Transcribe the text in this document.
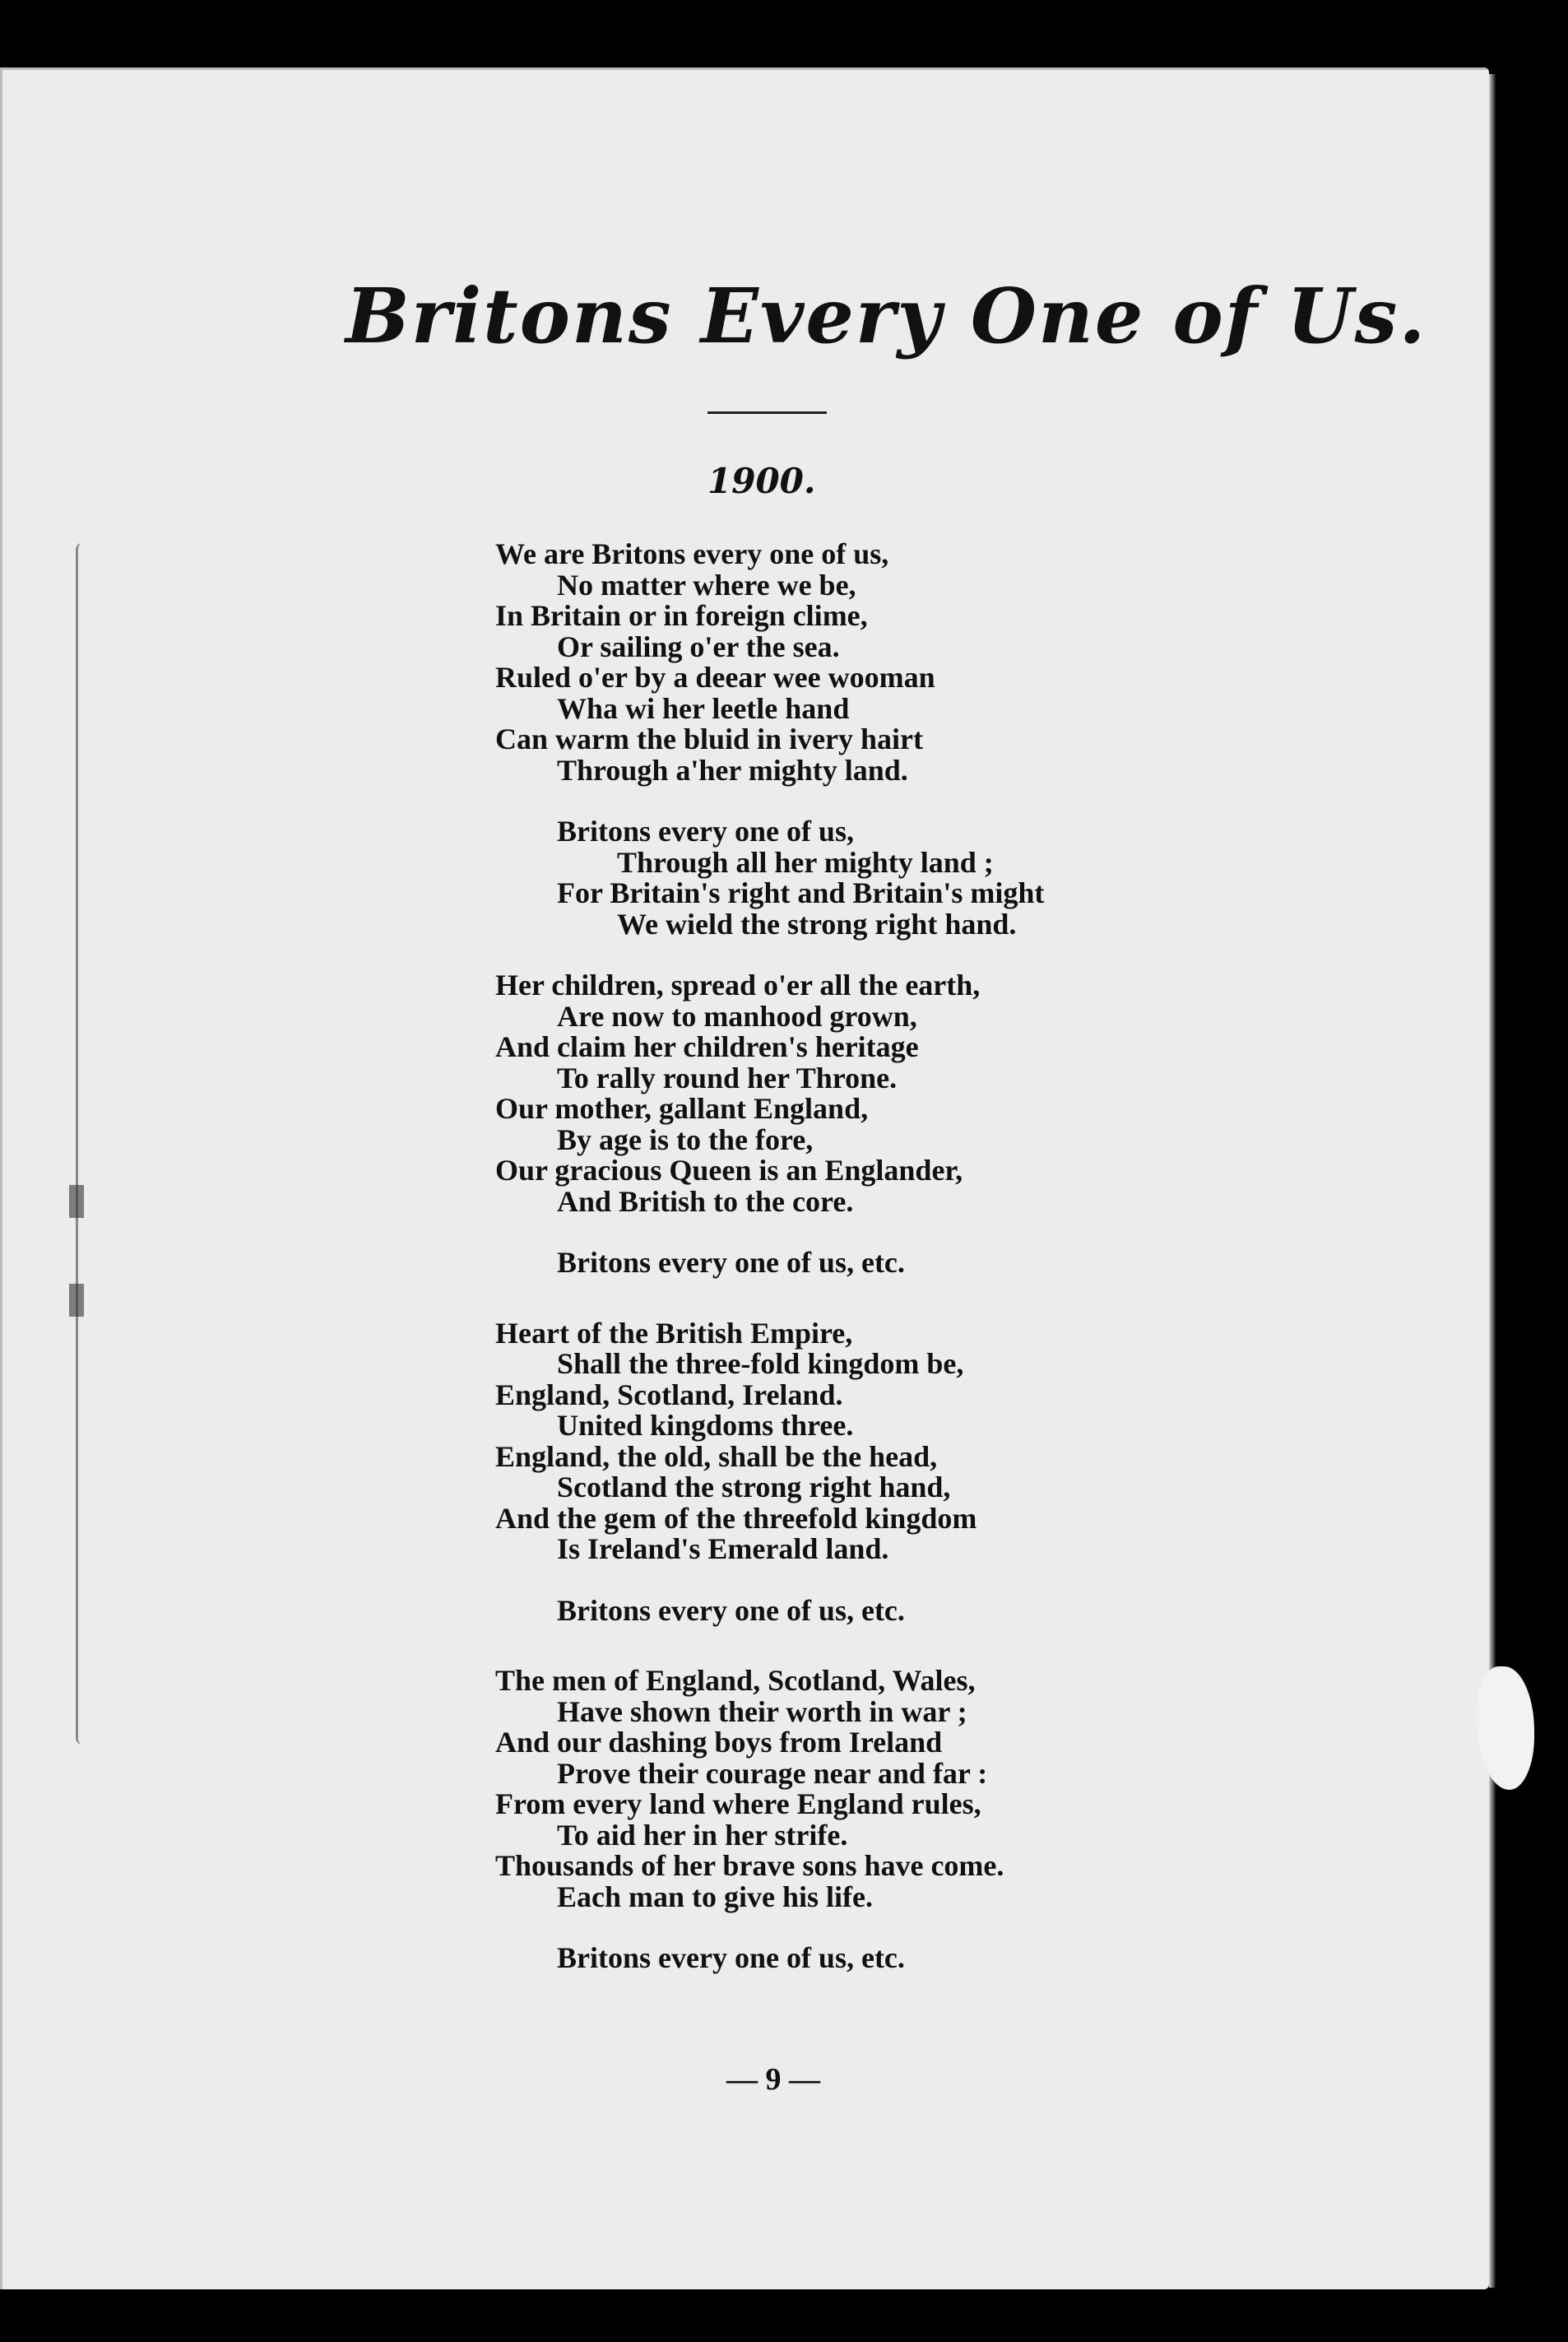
Britons Every One of Us.
1900.
We are Britons every one of us,
No matter where we be,
In Britain or in foreign clime,
Or sailing o'er the sea.
Ruled o'er by a deear wee wooman
Wha wi her leetle hand
Can warm the bluid in ivery hairt
Through a'her mighty land.
Britons every one of us,
Through all her mighty land ;
For Britain's right and Britain's might
We wield the strong right hand.
Her children, spread o'er all the earth,
Are now to manhood grown,
And claim her children's heritage
To rally round her Throne.
Our mother, gallant England,
By age is to the fore,
Our gracious Queen is an Englander,
And British to the core.
Britons every one of us, etc.
Heart of the British Empire,
Shall the three-fold kingdom be,
England, Scotland, Ireland.
United kingdoms three.
England, the old, shall be the head,
Scotland the strong right hand,
And the gem of the threefold kingdom
Is Ireland's Emerald land.
Britons every one of us, etc.
The men of England, Scotland, Wales,
Have shown their worth in war ;
And our dashing boys from Ireland
Prove their courage near and far :
From every land where England rules,
To aid her in her strife.
Thousands of her brave sons have come.
Each man to give his life.
Britons every one of us, etc.
— 9 —
